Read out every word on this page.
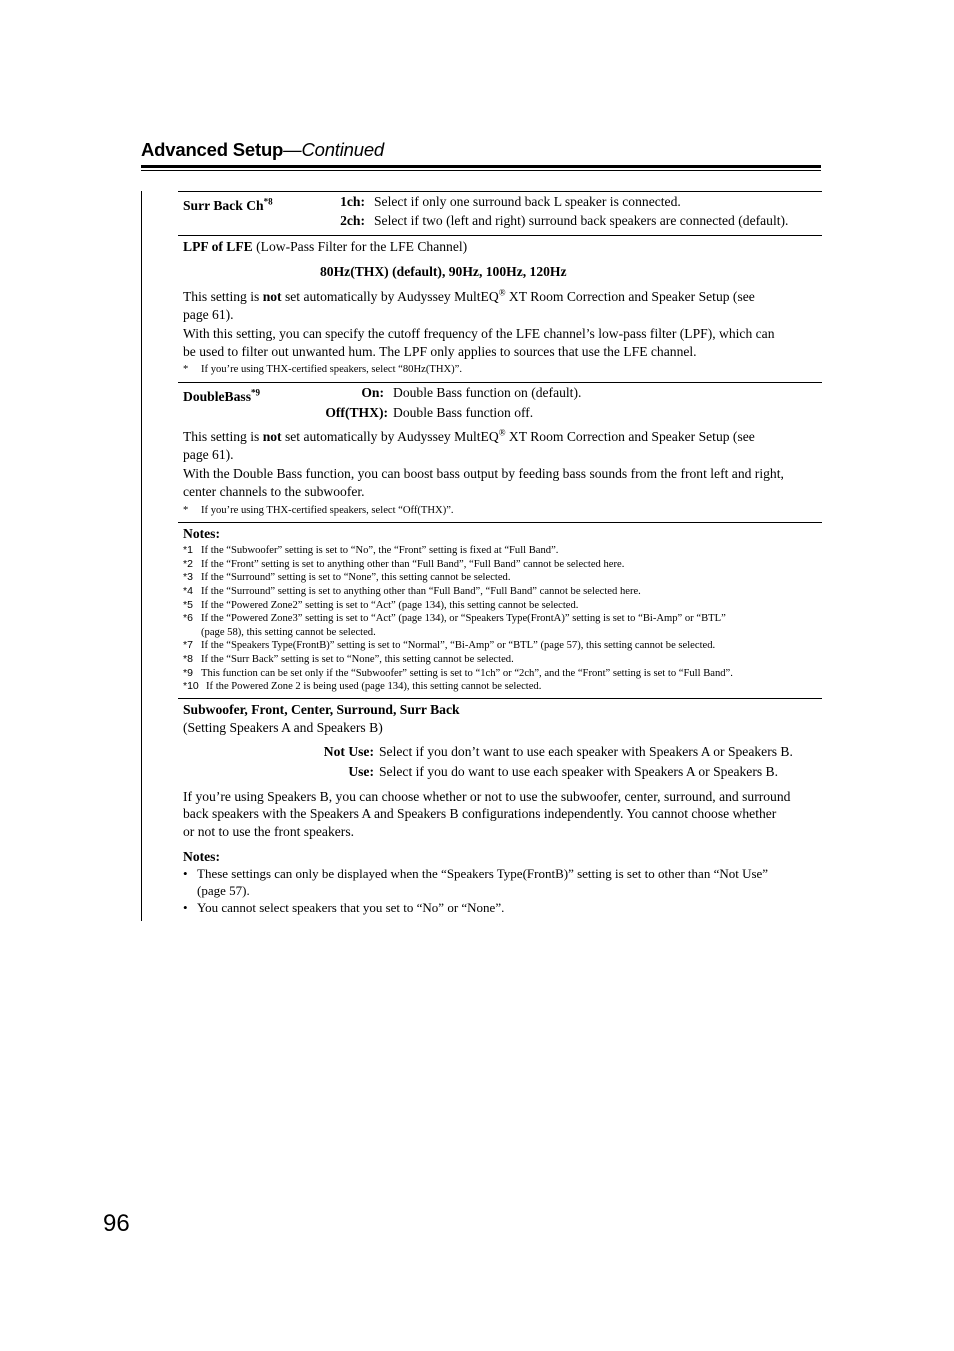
Advanced Setup—Continued
Surr Back Ch$^{*8}$	1ch: Select if only one surround back L speaker is connected.
2ch: Select if two (left and right) surround back speakers are connected (default).
LPF of LFE (Low-Pass Filter for the LFE Channel)
80Hz(THX) (default), 90Hz, 100Hz, 120Hz
This setting is not set automatically by Audyssey MultEQ® XT Room Correction and Speaker Setup (see
page 61).
With this setting, you can specify the cutoff frequency of the LFE channel’s low-pass filter (LPF), which can
be used to filter out unwanted hum. The LPF only applies to sources that use the LFE channel.
* If you’re using THX-certified speakers, select “80Hz(THX)”.
DoubleBass$^{*9}$	On: Double Bass function on (default).
Off(THX): Double Bass function off.
This setting is not set automatically by Audyssey MultEQ® XT Room Correction and Speaker Setup (see
page 61).
With the Double Bass function, you can boost bass output by feeding bass sounds from the front left and right,
center channels to the subwoofer.
* If you’re using THX-certified speakers, select “Off(THX)”.
Notes:
*1 If the “Subwoofer” setting is set to “No”, the “Front” setting is fixed at “Full Band”.
*2 If the “Front” setting is set to anything other than “Full Band”, “Full Band” cannot be selected here.
*3 If the “Surround” setting is set to “None”, this setting cannot be selected.
*4 If the “Surround” setting is set to anything other than “Full Band”, “Full Band” cannot be selected here.
*5 If the “Powered Zone2” setting is set to “Act” (page 134), this setting cannot be selected.
*6 If the “Powered Zone3” setting is set to “Act” (page 134), or “Speakers Type(FrontA)” setting is set to “Bi-Amp” or “BTL”
(page 58), this setting cannot be selected.
*7 If the “Speakers Type(FrontB)” setting is set to “Normal”, “Bi-Amp” or “BTL” (page 57), this setting cannot be selected.
*8 If the “Surr Back” setting is set to “None”, this setting cannot be selected.
*9 This function can be set only if the “Subwoofer” setting is set to “1ch” or “2ch”, and the “Front” setting is set to “Full Band”.
*10 If the Powered Zone 2 is being used (page 134), this setting cannot be selected.
Subwoofer, Front, Center, Surround, Surr Back
(Setting Speakers A and Speakers B)
Not Use: Select if you don’t want to use each speaker with Speakers A or Speakers B.
Use: Select if you do want to use each speaker with Speakers A or Speakers B.
If you’re using Speakers B, you can choose whether or not to use the subwoofer, center, surround, and surround
back speakers with the Speakers A and Speakers B configurations independently. You cannot choose whether
or not to use the front speakers.
Notes:
• These settings can only be displayed when the “Speakers Type(FrontB)” setting is set to other than “Not Use”
(page 57).
• You cannot select speakers that you set to “No” or “None”.
96
